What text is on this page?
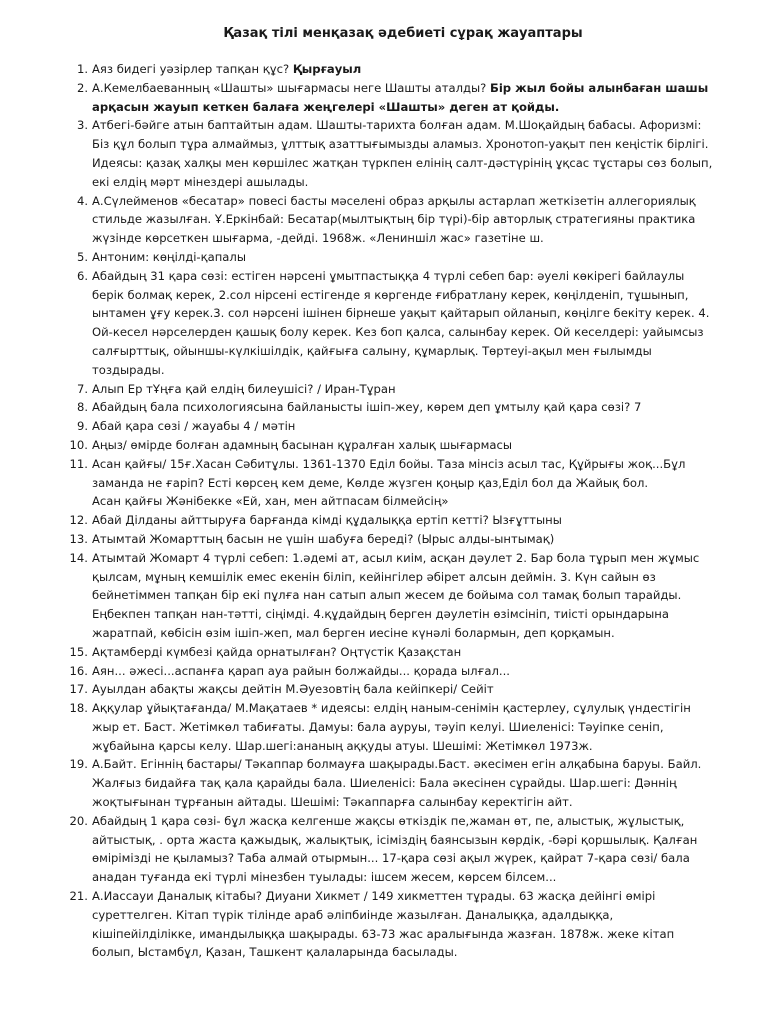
Қазақ тілі менқазақ әдебиеті сұрақ жауаптары
1. Аяз бидегі уәзірлер тапқан құс? Қырғауыл
2. А.Кемелбаеванның «Шашты» шығармасы неге Шашты аталды? Бір жыл бойы алынбаған шашы арқасын жауып кеткен балаға жеңгелері «Шашты» деген ат қойды.
3. Атбегі-бәйге атын баптайтын адам. Шашты-тарихта болған адам. М.Шоқайдың бабасы. Афоризмі: Біз құл болып тұра алмаймыз, ұлттық азаттығымызды аламыз. Хронотоп-уақыт пен кеңістік бірлігі. Идеясы: қазақ халқы мен көршілес жатқан түркпен елінің салт-дәстүрінің ұқсас тұстары сөз болып, екі елдің мәрт мінездері ашылады.
4. А.Сүлейменов «бесатар» повесі басты мәселені образ арқылы астарлап жеткізетін аллегориялық стильде жазылған. Ұ.Еркінбай: Бесатар(мылтықтың бір түрі)-бір авторлық стратегияны практика жүзінде көрсеткен шығарма, -дейді. 1968ж. «Лениншіл жас» газетіне ш.
5. Антоним: көңілді-қапалы
6. Абайдың 31 қара сөзі: естіген нәрсені ұмытпастыққа 4 түрлі себеп бар: әуелі көкірегі байлаулы берік болмақ керек, 2.сол нірсені естігенде я көргенде ғибратлану керек, көңілденіп, тұшынып, ынтамен ұғу керек.3. сол нәрсені ішінен бірнеше уақыт қайтарып ойланып, көңілге бекіту керек. 4. Ой-кесел нәрселерден қашық болу керек. Кез боп қалса, салынбау керек. Ой кеселдері: уайымсыз салғырттық, ойыншы-күлкішілдік, қайғыға салыну, құмарлық. Төртеуі-ақыл мен ғылымды тоздырады.
7. Алып Ер тҰңға қай елдің билеушісі? / Иран-Тұран
8. Абайдың бала психологиясына байланысты ішіп-жеу, көрем деп ұмтылу қай қара сөзі? 7
9. Абай қара сөзі / жауабы 4 / мәтін
10. Аңыз/ өмірде болған адамның басынан құралған халық шығармасы
11. Асан қайғы/ 15ғ.Хасан Сәбитұлы. 1361-1370 Еділ бойы. Таза мінсіз асыл тас, Құйрығы жоқ...Бұл заманда не ғаріп? Есті көрсең кем деме, Көлде жүзген қоңыр қаз,Еділ бол да Жайық бол.
Асан қайғы Жәнібекке «Ей, хан, мен айтпасам білмейсің»
12. Абай Ділданы айттыруға барғанда кімді құдалыққа ертіп кетті? Ызғұттыны
13. Атымтай Жомарттың басын не үшін шабуға береді? (Ырыс алды-ынтымақ)
14. Атымтай Жомарт 4 түрлі себеп: 1.әдемі ат, асыл киім, асқан дәулет 2. Бар бола тұрып мен жұмыс қылсам, мұның кемшілік емес екенін біліп, кейінгілер әбірет алсын деймін. 3. Күн сайын өз бейнетіммен тапқан бір екі пұлға нан сатып алып жесем де бойыма сол тамақ болып тарайды. Еңбекпен тапқан нан-тәтті, сіңімді. 4.құдайдың берген дәулетін өзімсініп, тиісті орындарына жаратпай, көбісін өзім ішіп-жеп, мал берген иесіне күнәлі болармын, деп қорқамын.
15. Ақтамберді күмбезі қайда орнатылған? Оңтүстік Қазақстан
16. Аян... әжесі...аспанға қарап ауа райын болжайды... қорада ылғал...
17. Ауылдан абақты жақсы дейтін М.Әуезовтің бала кейіпкері/ Сейіт
18. Аққулар ұйықтағанда/ М.Мақатаев * идеясы: елдің наным-сенімін қастерлеу, сұлулық үндестігін жыр ет. Баст. Жетімкөл табиғаты. Дамуы: бала ауруы, тәуіп келуі. Шиеленісі: Тәуіпке сеніп, жұбайына қарсы келу. Шар.шегі:ананың аққуды атуы. Шешімі: Жетімкөл 1973ж.
19. А.Байт. Егіннің бастары/ Тәкаппар болмауға шақырады.Баст. әкесімен егін алқабына баруы. Байл. Жалғыз бидайға тақ қала қарайды бала. Шиеленісі: Бала әкесінен сұрайды. Шар.шегі: Дәннің жоқтығынан тұрғанын айтады. Шешімі: Тәкаппарға салынбау керектігін айт.
20. Абайдың 1 қара сөзі- бұл жасқа келгенше жақсы өткіздік пе,жаман өт, пе, алыстық, жұлыстық, айтыстық, . орта жаста қажыдық, жалықтық, ісіміздің баянсызын көрдік, -бәрі қоршылық. Қалған өмірімізді не қыламыз? Таба алмай отырмын... 17-қара сөзі ақыл жүрек, қайрат 7-қара сөзі/ бала анадан туғанда екі түрлі мінезбен туылады: ішсем жесем, көрсем білсем...
21. А.Иассауи Даналық кітабы? Диуани Хикмет / 149 хикметтен тұрады. 63 жасқа дейінгі өмірі суреттелген. Кітап түрік тілінде араб әліпбиінде жазылған. Даналыққа, адалдыққа, кішіпейілділікке, имандылыққа шақырады. 63-73 жас аралығында жазған. 1878ж. жеке кітап болып, Ыстамбұл, Қазан, Ташкент қалаларында басылады.
